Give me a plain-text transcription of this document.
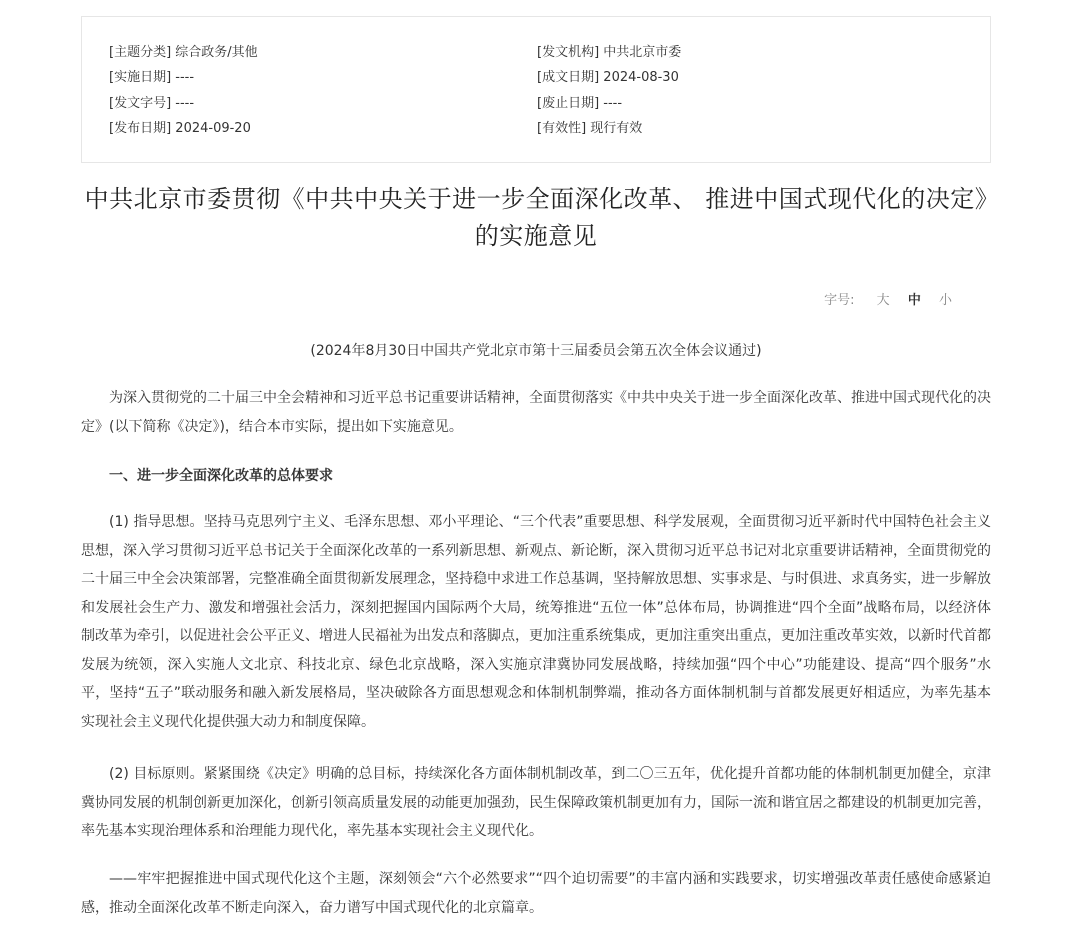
[主题分类] 综合政务/其他	[发文机构] 中共北京市委
[实施日期] ----	[成文日期] 2024-08-30
[发文字号] ----	[废止日期] ----
[发布日期] 2024-09-20	[有效性] 现行有效
中共北京市委贯彻《中共中央关于进一步全面深化改革、 推进中国式现代化的决定》的实施意见
字号: 大 中 小
(2024年8月30日中国共产党北京市第十三届委员会第五次全体会议通过)

为深入贯彻党的二十届三中全会精神和习近平总书记重要讲话精神，全面贯彻落实《中共中央关于进一步全面深化改革、推进中国式现代化的决定》(以下简称《决定》)，结合本市实际，提出如下实施意见。

一、进一步全面深化改革的总体要求

(1) 指导思想。坚持马克思列宁主义、毛泽东思想、邓小平理论、“三个代表”重要思想、科学发展观，全面贯彻习近平新时代中国特色社会主义思想，深入学习贯彻习近平总书记关于全面深化改革的一系列新思想、新观点、新论断，深入贯彻习近平总书记对北京重要讲话精神，全面贯彻党的二十届三中全会决策部署，完整准确全面贯彻新发展理念，坚持稳中求进工作总基调，坚持解放思想、实事求是、与时俱进、求真务实，进一步解放和发展社会生产力、激发和增强社会活力，深刻把握国内国际两个大局，统筹推进“五位一体”总体布局，协调推进“四个全面”战略布局，以经济体制改革为牵引，以促进社会公平正义、增进人民福祉为出发点和落脚点，更加注重系统集成，更加注重突出重点，更加注重改革实效，以新时代首都发展为统领，深入实施人文北京、科技北京、绿色北京战略，深入实施京津冀协同发展战略，持续加强“四个中心”功能建设、提高“四个服务”水平，坚持“五子”联动服务和融入新发展格局，坚决破除各方面思想观念和体制机制弊端，推动各方面体制机制与首都发展更好相适应，为率先基本实现社会主义现代化提供强大动力和制度保障。

(2) 目标原则。紧紧围绕《决定》明确的总目标，持续深化各方面体制机制改革，到二〇三五年，优化提升首都功能的体制机制更加健全，京津冀协同发展的机制创新更加深化，创新引领高质量发展的动能更加强劲，民生保障政策机制更加有力，国际一流和谐宜居之都建设的机制更加完善，率先基本实现治理体系和治理能力现代化，率先基本实现社会主义现代化。

——牢牢把握推进中国式现代化这个主题，深刻领会“六个必然要求”“四个迫切需要”的丰富内涵和实践要求，切实增强改革责任感使命感紧迫感，推动全面深化改革不断走向深入，奋力谱写中国式现代化的北京篇章。
